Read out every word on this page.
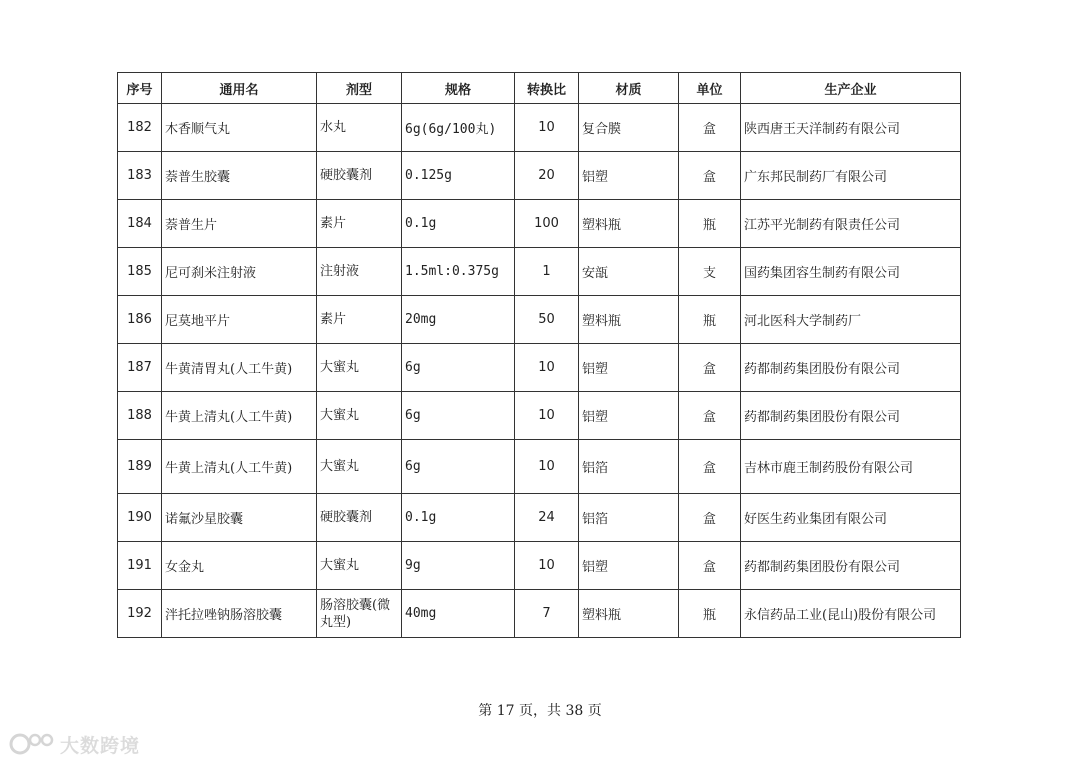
序号	通用名	剂型	规格	转换比	材质	单位	生产企业
182	木香顺气丸	水丸	6g(6g/100丸)	10	复合膜	盒	陕西唐王天洋制药有限公司
183	萘普生胶囊	硬胶囊剂	0.125g	20	铝塑	盒	广东邦民制药厂有限公司
184	萘普生片	素片	0.1g	100	塑料瓶	瓶	江苏平光制药有限责任公司
185	尼可刹米注射液	注射液	1.5ml:0.375g	1	安瓿	支	国药集团容生制药有限公司
186	尼莫地平片	素片	20mg	50	塑料瓶	瓶	河北医科大学制药厂
187	牛黄清胃丸(人工牛黄)	大蜜丸	6g	10	铝塑	盒	药都制药集团股份有限公司
188	牛黄上清丸(人工牛黄)	大蜜丸	6g	10	铝塑	盒	药都制药集团股份有限公司
189	牛黄上清丸(人工牛黄)	大蜜丸	6g	10	铝箔	盒	吉林市鹿王制药股份有限公司
190	诺氟沙星胶囊	硬胶囊剂	0.1g	24	铝箔	盒	好医生药业集团有限公司
191	女金丸	大蜜丸	9g	10	铝塑	盒	药都制药集团股份有限公司
192	泮托拉唑钠肠溶胶囊	肠溶胶囊(微丸型)	40mg	7	塑料瓶	瓶	永信药品工业(昆山)股份有限公司
第 17 页，共 38 页
大数跨境
